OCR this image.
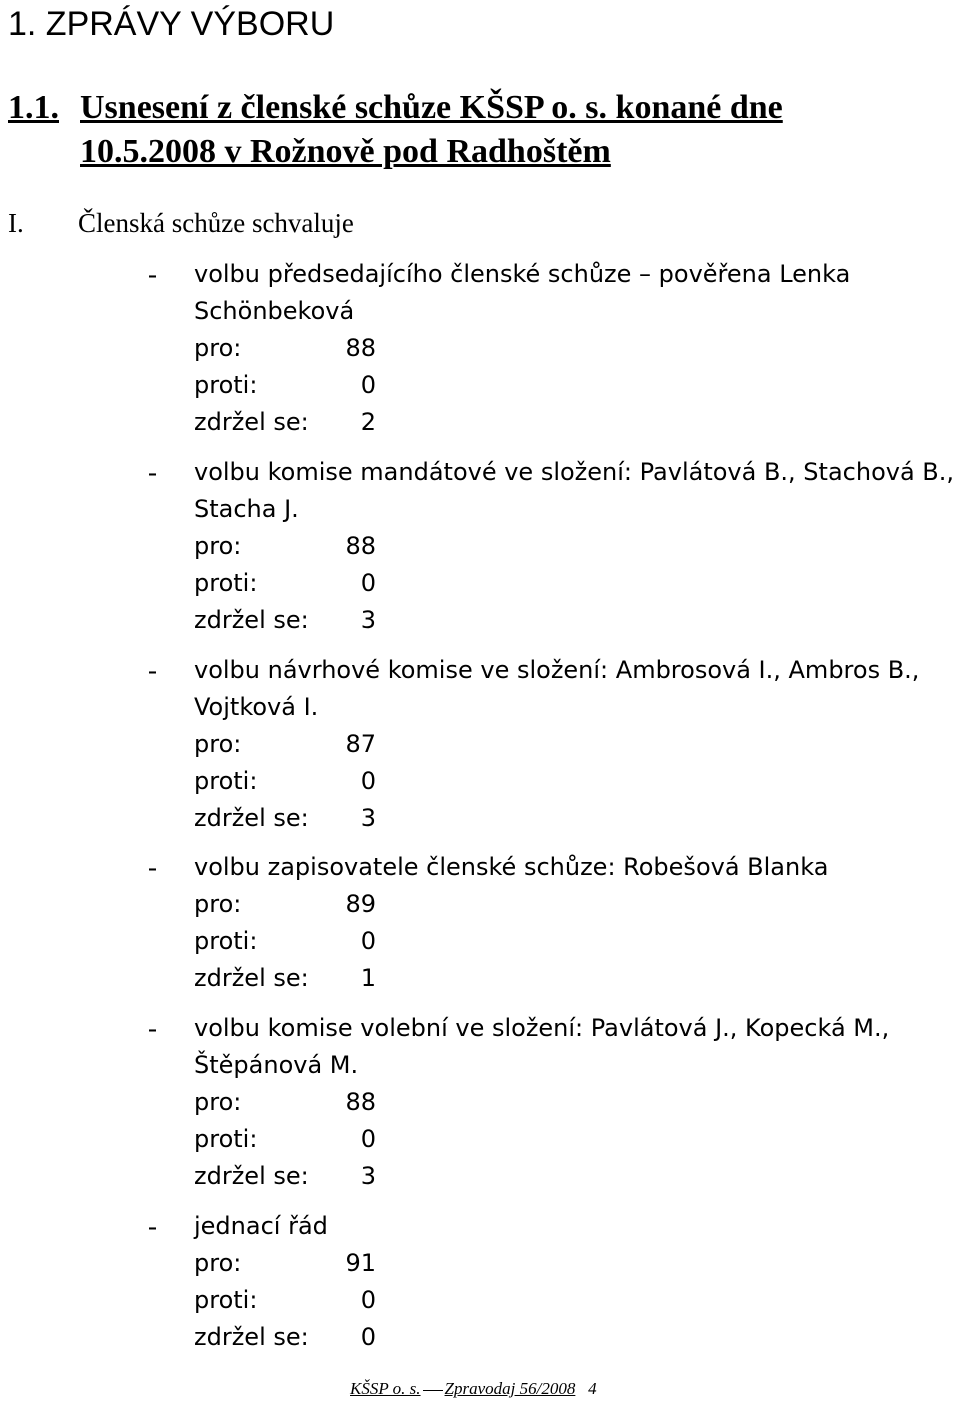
1. ZPRÁVY VÝBORU
1.1. Usnesení z členské schůze KŠSP o. s. konané dne
10.5.2008 v Rožnově pod Radhoštěm
I. Členská schůze schvaluje
- volbu předsedajícího členské schůze – pověřena Lenka Schönbeková
pro:	88
proti:	0
zdržel se:	2
- volbu komise mandátové ve složení: Pavlátová B., Stachová B., Stacha J.
pro:	88
proti:	0
zdržel se:	3
- volbu návrhové komise ve složení: Ambrosová I., Ambros B., Vojtková I.
pro:	87
proti:	0
zdržel se:	3
- volbu zapisovatele členské schůze: Robešová Blanka
pro:	89
proti:	0
zdržel se:	1
- volbu komise volební ve složení: Pavlátová J., Kopecká M., Štěpánová M.
pro:	88
proti:	0
zdržel se:	3
- jednací řád
pro:	91
proti:	0
zdržel se:	0
KŠSP o. s. Zpravodaj 56/2008 4
